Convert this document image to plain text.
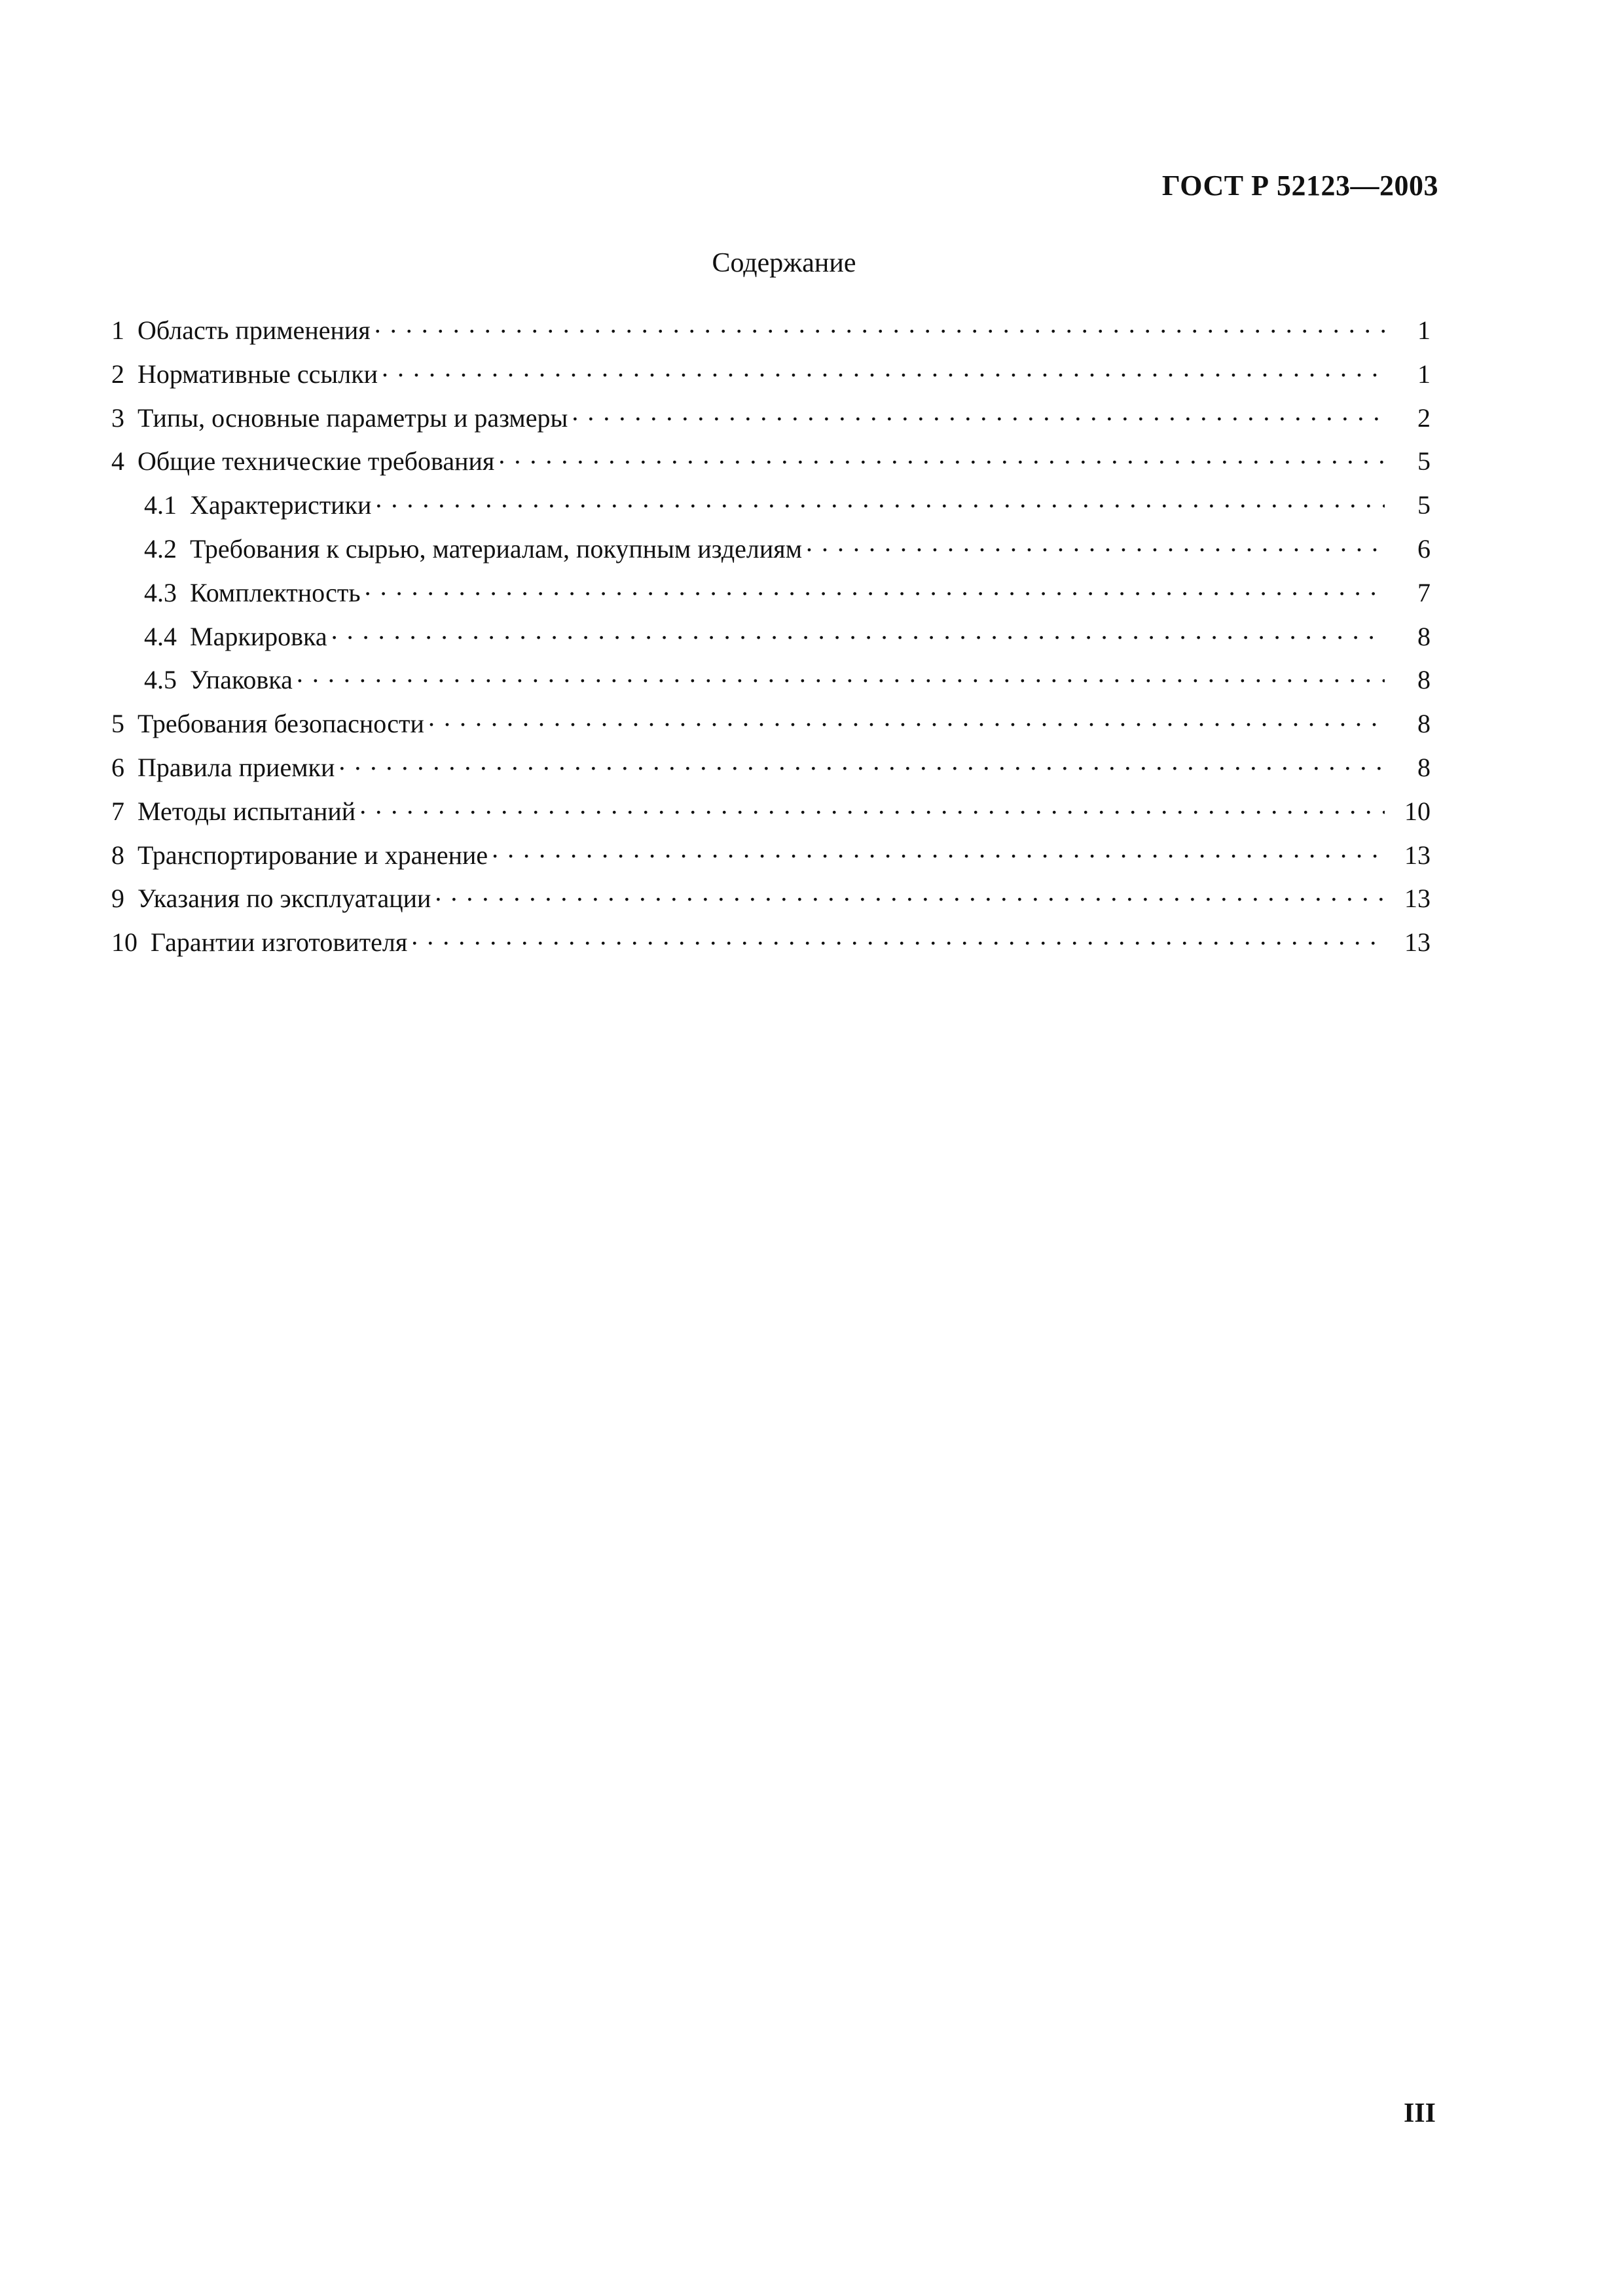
ГОСТ Р 52123—2003
Содержание
1 Область применения . . .	1
2 Нормативные ссылки . . .	1
3 Типы, основные параметры и размеры . . .	2
4 Общие технические требования . . .	5
4.1 Характеристики . . .	5
4.2 Требования к сырью, материалам, покупным изделиям . . .	6
4.3 Комплектность . . .	7
4.4 Маркировка . . .	8
4.5 Упаковка . . .	8
5 Требования безопасности . . .	8
6 Правила приемки . . .	8
7 Методы испытаний . . .	10
8 Транспортирование и хранение . . .	13
9 Указания по эксплуатации . . .	13
10 Гарантии изготовителя . . .	13
III
